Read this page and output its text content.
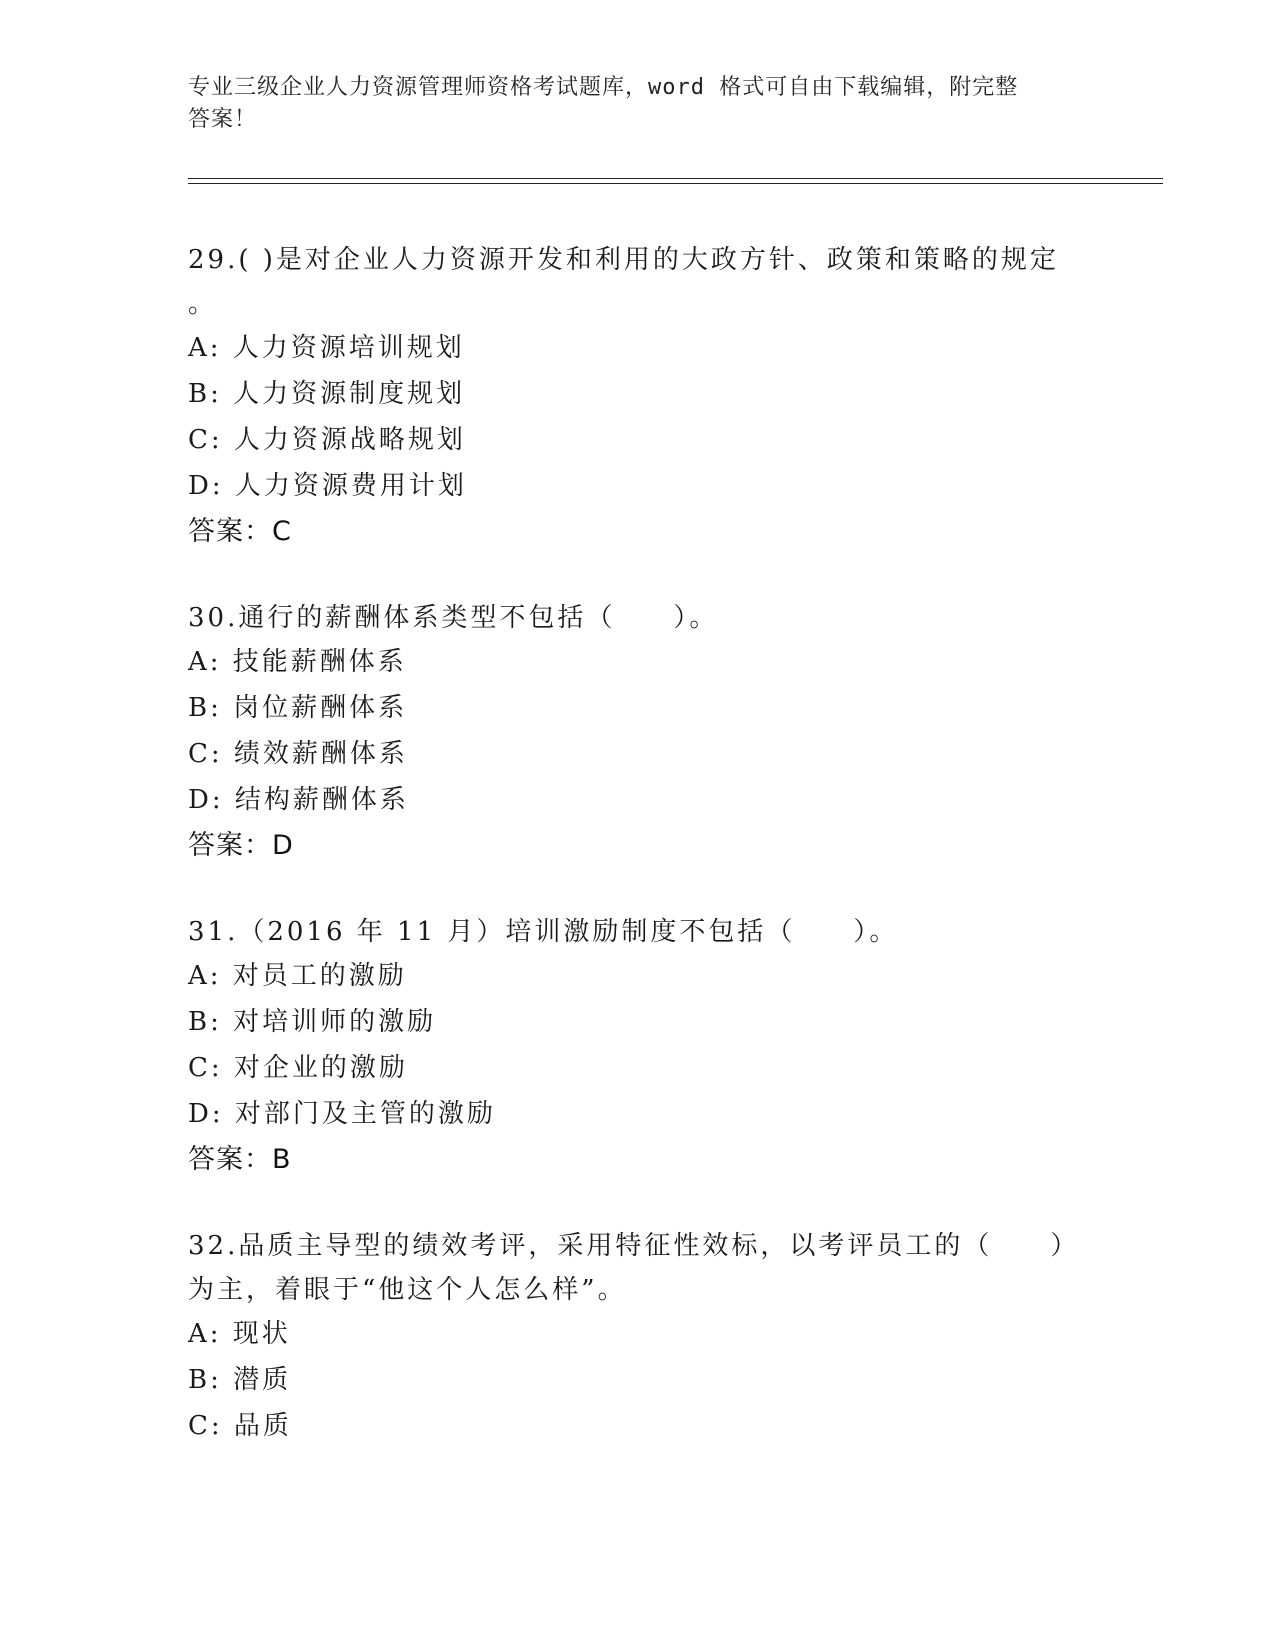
专业三级企业人力资源管理师资格考试题库，word 格式可自由下载编辑，附完整
答案！
29.( )是对企业人力资源开发和利用的大政方针、政策和策略的规定
。
A: 人力资源培训规划
B: 人力资源制度规划
C: 人力资源战略规划
D: 人力资源费用计划
答案：C
30.通行的薪酬体系类型不包括（　　）。
A: 技能薪酬体系
B: 岗位薪酬体系
C: 绩效薪酬体系
D: 结构薪酬体系
答案：D
31.（2016 年 11 月）培训激励制度不包括（　　）。
A: 对员工的激励
B: 对培训师的激励
C: 对企业的激励
D: 对部门及主管的激励
答案：B
32.品质主导型的绩效考评，采用特征性效标，以考评员工的（　　）
为主，着眼于“他这个人怎么样”。
A: 现状
B: 潜质
C: 品质
